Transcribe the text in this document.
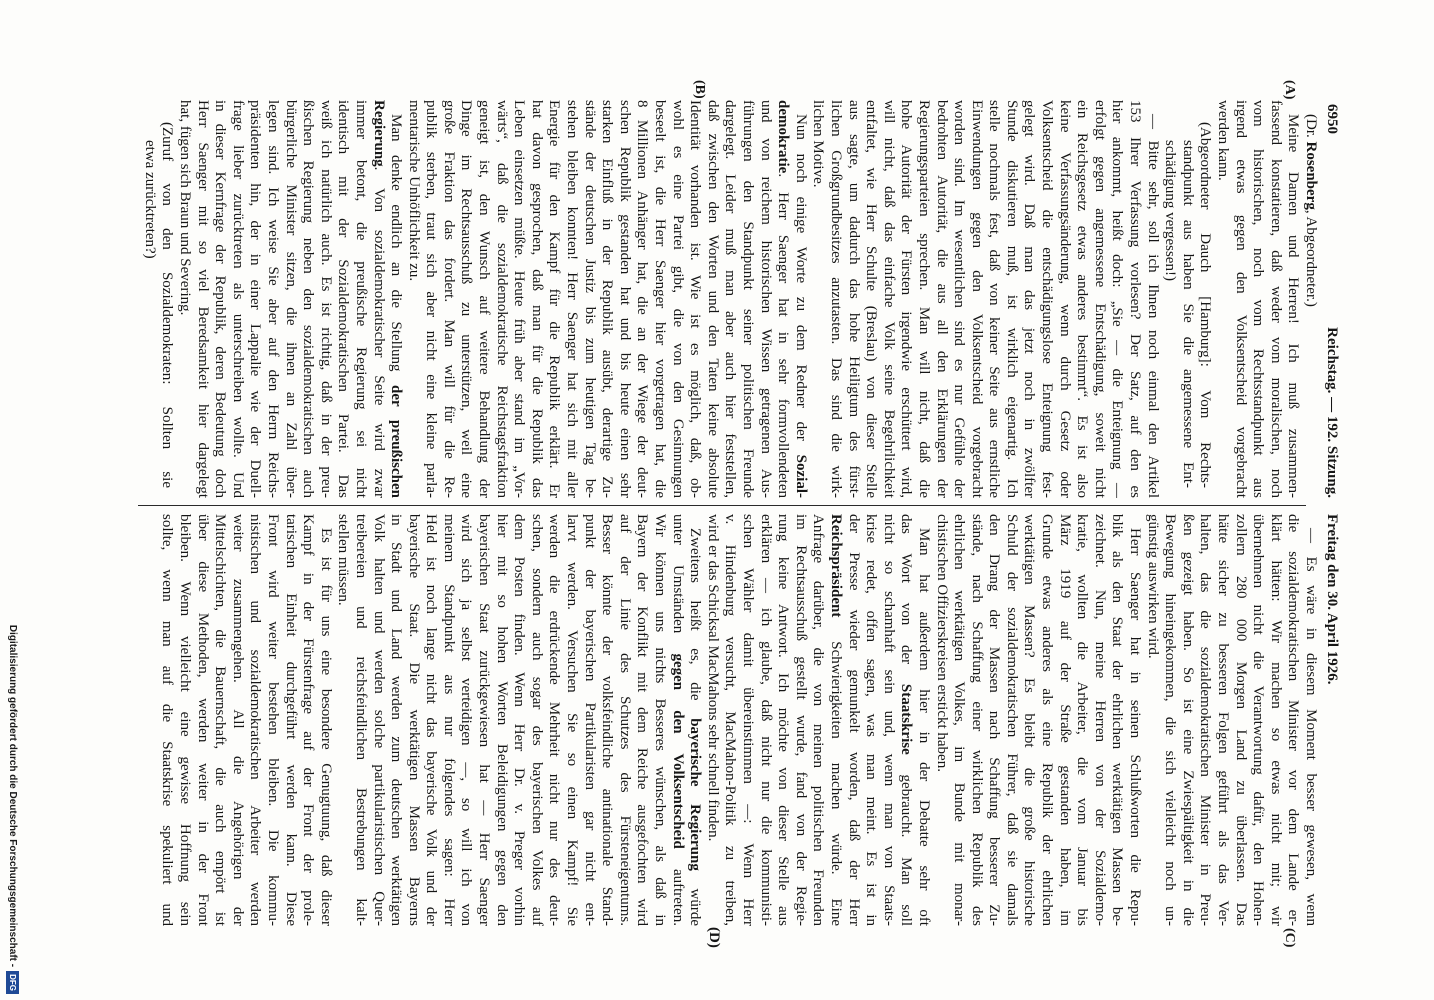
6950
Reichstag. — 192. Sitzung.
Freitag den 30. April 1926.
(A)
(B)
(C)
(D)
(Dr. Rosenberg, Abgeordneter.)
Meine Damen und Herren! Ich muß zusammen-
fassend konstatieren, daß weder vom moralischen, noch
vom historischen, noch vom Rechtsstandpunkt aus
irgend etwas gegen den Volksentscheid vorgebracht
werden kann.
(Abgeordneter Dauch [Hamburg]: Vom Rechts-
standpunkt aus haben Sie die angemessene Ent-
schädigung vergessen!)
— Bitte sehr, soll ich Ihnen noch einmal den Artikel
153 Ihrer Verfassung vorlesen? Der Satz, auf den es
hier ankommt, heißt doch: „Sie — die Enteignung —
erfolgt gegen angemessene Entschädigung, soweit nicht
ein Reichsgesetz etwas anderes bestimmt“. Es ist also
keine Verfassungsänderung, wenn durch Gesetz oder
Volksentscheid die entschädigungslose Enteignung fest-
gelegt wird. Daß man das jetzt noch in zwölfter
Stunde diskutieren muß, ist wirklich eigenartig. Ich
stelle nochmals fest, daß von keiner Seite aus ernstliche
Einwendungen gegen den Volksentscheid vorgebracht
worden sind. Im wesentlichen sind es nur Gefühle der
bedrohten Autorität, die aus all den Erklärungen der
Regierungsparteien sprechen. Man will nicht, daß die
hohe Autorität der Fürsten irgendwie erschüttert wird,
will nicht, daß das einfache Volk seine Begehrlichkeit
entfaltet, wie Herr Schulte (Breslau) von dieser Stelle
aus sagte, um dadurch das hohe Heiligtum des fürst-
lichen Großgrundbesitzes anzutasten. Das sind die wirk-
lichen Motive.
Nun noch einige Worte zu dem Redner der Sozial-
demokratie. Herr Saenger hat in sehr formvollendeten
und von reichem historischen Wissen getragenen Aus-
führungen den Standpunkt seiner politischen Freunde
dargelegt. Leider muß man aber auch hier feststellen,
daß zwischen den Worten und den Taten keine absolute
Identität vorhanden ist. Wie ist es möglich, daß, ob-
wohl es eine Partei gibt, die von den Gesinnungen
beseelt ist, die Herr Saenger hier vorgetragen hat, die
8 Millionen Anhänger hat, die an der Wiege der deut-
schen Republik gestanden hat und bis heute einen sehr
starken Einfluß in der Republik ausübt, derartige Zu-
stände der deutschen Justiz bis zum heutigen Tag be-
stehen bleiben konnten! Herr Saenger hat sich mit aller
Energie für den Kampf für die Republik erklärt. Er
hat davon gesprochen, daß man für die Republik das
Leben einsetzen müßte. Heute früh aber stand im „Vor-
wärts“, daß die sozialdemokratische Reichstagsfraktion
geneigt ist, den Wunsch auf weitere Behandlung der
Dinge im Rechtsausschuß zu unterstützen, weil eine
große Fraktion das fordert. Man will für die Re-
publik sterben, traut sich aber nicht eine kleine parla-
mentarische Unhöflichkeit zu.
Man denke endlich an die Stellung der preußischen
Regierung. Von sozialdemokratischer Seite wird zwar
immer betont, die preußische Regierung sei nicht
identisch mit der Sozialdemokratischen Partei. Das
weiß ich natürlich auch. Es ist richtig, daß in der preu-
ßischen Regierung neben den sozialdemokratischen auch
bürgerliche Minister sitzen, die ihnen an Zahl über-
legen sind. Ich weise Sie aber auf den Herrn Reichs-
präsidenten hin, der in einer Lappalie wie der Duell-
frage lieber zurücktreten als unterschreiben wollte. Und
in dieser Kernfrage der Republik, deren Bedeutung doch
Herr Saenger mit so viel Beredsamkeit hier dargelegt
hat, fügen sich Braun und Severing.
(Zuruf von den Sozialdemokraten: Sollten sie
etwa zurücktreten?)
— Es wäre in diesem Moment besser gewesen, wenn
die sozialdemokratischen Minister vor dem Lande er-
klärt hätten: Wir machen so etwas nicht mit; wir
übernehmen nicht die Verantwortung dafür, den Hohen-
zollern 280 000 Morgen Land zu überlassen. Das
hätte sicher zu besseren Folgen geführt als das Ver-
halten, das die sozialdemokratischen Minister in Preu-
ßen gezeigt haben. So ist eine Zwiespältigkeit in die
Bewegung hineingekommen, die sich vielleicht noch un-
günstig auswirken wird.
Herr Saenger hat in seinen Schlußworten die Repu-
blik als den Staat der ehrlichen werktätigen Massen be-
zeichnet. Nun, meine Herren von der Sozialdemo-
kratie, wollten die Arbeiter, die vom Januar bis
März 1919 auf der Straße gestanden haben, im
Grunde etwas anderes als eine Republik der ehrlichen
werktätigen Massen? Es bleibt die große historische
Schuld der sozialdemokratischen Führer, daß sie damals
den Drang der Massen nach Schaffung besserer Zu-
stände, nach Schaffung einer wirklichen Republik des
ehrlichen werktätigen Volkes, im Bunde mit monar-
chistischen Offizierskreisen erstickt haben.
Man hat außerdem hier in der Debatte sehr oft
das Wort von der Staatskrise gebraucht. Man soll
nicht so schamhaft sein und, wenn man von Staats-
krise redet, offen sagen, was man meint. Es ist in
der Presse wieder gemunkelt worden, daß der Herr
Reichspräsident Schwierigkeiten machen würde. Eine
Anfrage darüber, die von meinen politischen Freunden
im Rechtsausschuß gestellt wurde, fand von der Regie-
rung keine Antwort. Ich möchte von dieser Stelle aus
erklären — ich glaube, daß nicht nur die kommunisti-
schen Wähler damit übereinstimmen —: Wenn Herr
v. Hindenburg versucht, MacMahon-Politik zu treiben,
wird er das Schicksal MacMahons sehr schnell finden.
Zweitens heißt es, die bayerische Regierung würde
unter Umständen gegen den Volksentscheid auftreten.
Wir können uns nichts Besseres wünschen, als daß in
Bayern der Konflikt mit dem Reiche ausgefochten wird
auf der Linie des Schutzes des Fürsteneigentums.
Besser könnte der volksfeindliche antinationale Stand-
punkt der bayerischen Partikularisten gar nicht ent-
larvt werden. Versuchen Sie so einen Kampf! Sie
werden die erdrückende Mehrheit nicht nur des deut-
schen, sondern auch sogar des bayerischen Volkes auf
dem Posten finden. Wenn Herr Dr. v. Preger vorhin
hier mit so hohen Worten Beleidigungen gegen den
bayerischen Staat zurückgewiesen hat — Herr Saenger
wird sich ja selbst verteidigen —, so will ich von
meinem Standpunkt aus nur folgendes sagen: Herr
Held ist noch lange nicht das bayerische Volk und der
bayerische Staat. Die werktätigen Massen Bayerns
in Stadt und Land werden zum deutschen werktätigen
Volk halten und werden solche partikularistischen Quer-
treibereien und reichsfeindlichen Bestrebungen kalt-
stellen müssen.
Es ist für uns eine besondere Genugtuung, daß dieser
Kampf in der Fürstenfrage auf der Front der prole-
tarischen Einheit durchgeführt werden kann. Diese
Front wird weiter bestehen bleiben. Die kommu-
nistischen und sozialdemokratischen Arbeiter werden
weiter zusammengehen. All die Angehörigen der
Mittelschichten, die Bauernschaft, die auch empört ist
über diese Methoden, werden weiter in der Front
bleiben. Wenn vielleicht eine gewisse Hoffnung sein
sollte, wenn man auf die Staatskrise spekuliert und
Digitalisierung gefördert durch die Deutsche Forschungsgemeinschaft -DFG
